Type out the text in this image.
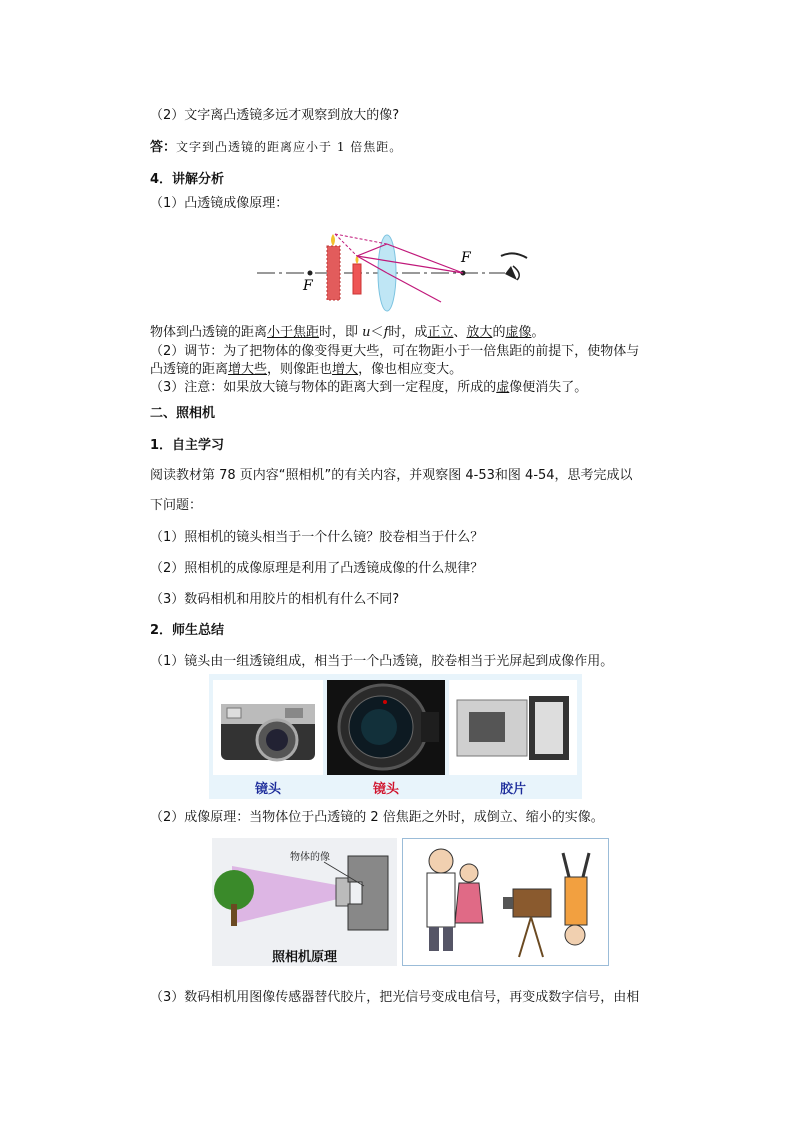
（2）文字离凸透镜多远才观察到放大的像?
答：文字到凸透镜的距离应小于 1 倍焦距。
4．讲解分析
（1）凸透镜成像原理：
F
F
物体到凸透镜的距离小于焦距时，即 u＜f时，成正立、放大的虚像。
（2）调节：为了把物体的像变得更大些，可在物距小于一倍焦距的前提下，使物体与
凸透镜的距离增大些，则像距也增大，像也相应变大。
（3）注意：如果放大镜与物体的距离大到一定程度，所成的虚像便消失了。
二、照相机
1．自主学习
阅读教材第 78 页内容“照相机”的有关内容，并观察图 4-53和图 4-54，思考完成以
下问题：
（1）照相机的镜头相当于一个什么镜？胶卷相当于什么？
（2）照相机的成像原理是利用了凸透镜成像的什么规律？
（3）数码相机和用胶片的相机有什么不同?
2．师生总结
（1）镜头由一组透镜组成，相当于一个凸透镜，胶卷相当于光屏起到成像作用。
镜头	镜头	胶片
（2）成像原理：当物体位于凸透镜的 2 倍焦距之外时，成倒立、缩小的实像。
物体的像
照相机原理
（3）数码相机用图像传感器替代胶片，把光信号变成电信号，再变成数字信号，由相
